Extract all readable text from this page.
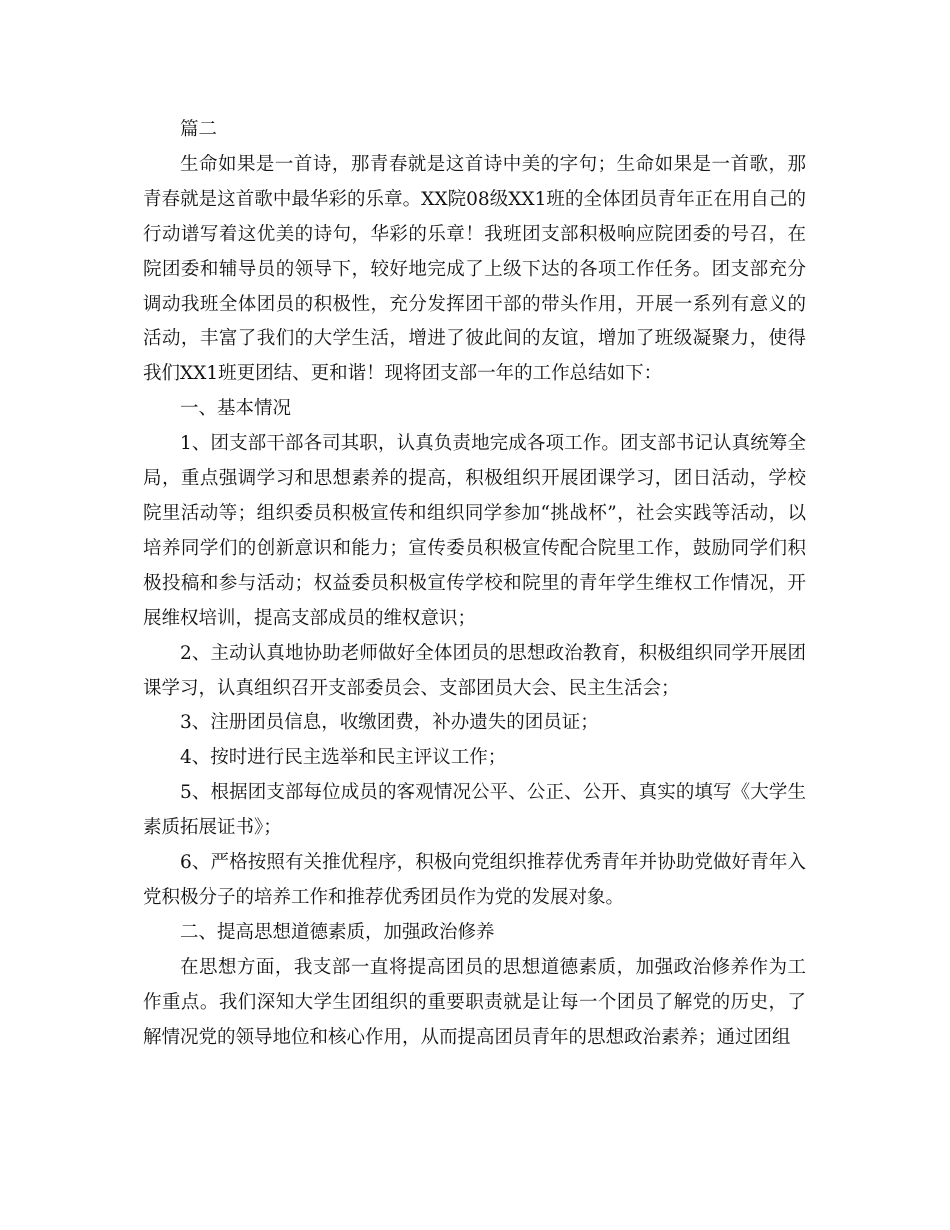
篇二

生命如果是一首诗，那青春就是这首诗中美的字句；生命如果是一首歌，那青春就是这首歌中最华彩的乐章。XX院08级XX1班的全体团员青年正在用自己的行动谱写着这优美的诗句，华彩的乐章！我班团支部积极响应院团委的号召，在院团委和辅导员的领导下，较好地完成了上级下达的各项工作任务。团支部充分调动我班全体团员的积极性，充分发挥团干部的带头作用，开展一系列有意义的活动，丰富了我们的大学生活，增进了彼此间的友谊，增加了班级凝聚力，使得我们XX1班更团结、更和谐！现将团支部一年的工作总结如下：

一、基本情况

1、团支部干部各司其职，认真负责地完成各项工作。团支部书记认真统筹全局，重点强调学习和思想素养的提高，积极组织开展团课学习，团日活动，学校院里活动等；组织委员积极宣传和组织同学参加“挑战杯”，社会实践等活动，以培养同学们的创新意识和能力；宣传委员积极宣传配合院里工作，鼓励同学们积极投稿和参与活动；权益委员积极宣传学校和院里的青年学生维权工作情况，开展维权培训，提高支部成员的维权意识；

2、主动认真地协助老师做好全体团员的思想政治教育，积极组织同学开展团课学习，认真组织召开支部委员会、支部团员大会、民主生活会；

3、注册团员信息，收缴团费，补办遗失的团员证；

4、按时进行民主选举和民主评议工作；

5、根据团支部每位成员的客观情况公平、公正、公开、真实的填写《大学生素质拓展证书》；

6、严格按照有关推优程序，积极向党组织推荐优秀青年并协助党做好青年入党积极分子的培养工作和推荐优秀团员作为党的发展对象。

二、提高思想道德素质，加强政治修养

在思想方面，我支部一直将提高团员的思想道德素质，加强政治修养作为工作重点。我们深知大学生团组织的重要职责就是让每一个团员了解党的历史，了解情况党的领导地位和核心作用，从而提高团员青年的思想政治素养；通过团组
